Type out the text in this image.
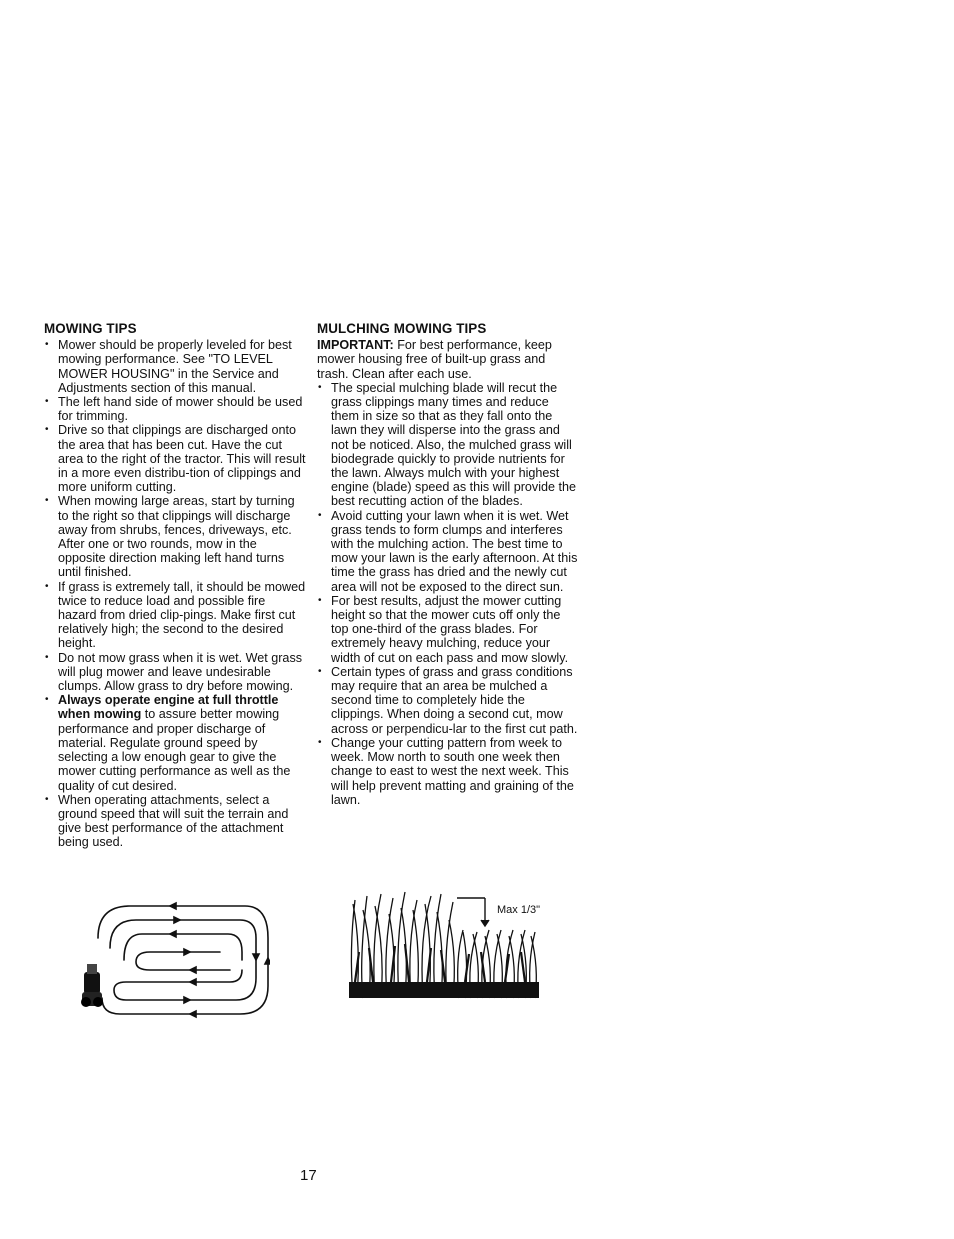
MOWING TIPS
• Mower should be properly leveled for best mowing performance. See "TO LEVEL MOWER HOUSING" in the Service and Adjustments section of this manual.
• The left hand side of mower should be used for trimming.
• Drive so that clippings are discharged onto the area that has been cut. Have the cut area to the right of the tractor. This will result in a more even distribu-tion of clippings and more uniform cutting.
• When mowing large areas, start by turning to the right so that clippings will discharge away from shrubs, fences, driveways, etc. After one or two rounds, mow in the opposite direction making left hand turns until finished.
• If grass is extremely tall, it should be mowed twice to reduce load and possible fire hazard from dried clip-pings. Make first cut relatively high; the second to the desired height.
• Do not mow grass when it is wet. Wet grass will plug mower and leave undesirable clumps. Allow grass to dry before mowing.
• Always operate engine at full throttle when mowing to assure better mowing performance and proper discharge of material. Regulate ground speed by selecting a low enough gear to give the mower cutting performance as well as the quality of cut desired.
• When operating attachments, select a ground speed that will suit the terrain and give best performance of the attachment being used.
MULCHING MOWING TIPS

IMPORTANT: For best performance, keep mower housing free of built-up grass and trash. Clean after each use.

• The special mulching blade will recut the grass clippings many times and reduce them in size so that as they fall onto the lawn they will disperse into the grass and not be noticed. Also, the mulched grass will biodegrade quickly to provide nutrients for the lawn. Always mulch with your highest engine (blade) speed as this will provide the best recutting action of the blades.
• Avoid cutting your lawn when it is wet. Wet grass tends to form clumps and interferes with the mulching action. The best time to mow your lawn is the early afternoon. At this time the grass has dried and the newly cut area will not be exposed to the direct sun.
• For best results, adjust the mower cutting height so that the mower cuts off only the top one-third of the grass blades. For extremely heavy mulching, reduce your width of cut on each pass and mow slowly.
• Certain types of grass and grass conditions may require that an area be mulched a second time to completely hide the clippings. When doing a second cut, mow across or perpendicu-lar to the first cut path.
• Change your cutting pattern from week to week. Mow north to south one week then change to east to west the next week. This will help prevent matting and graining of the lawn.
Max 1/3"
17
